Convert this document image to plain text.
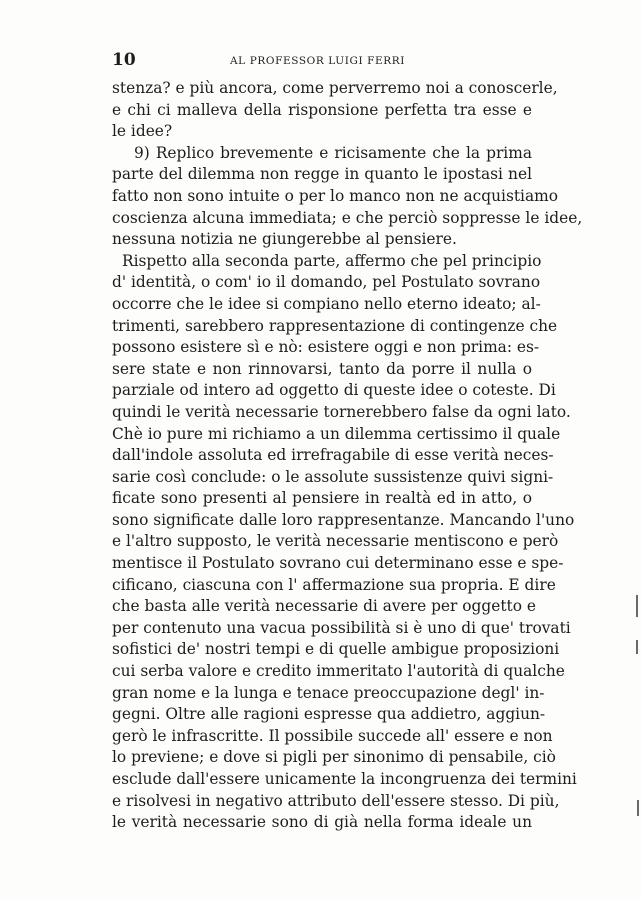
10	AL PROFESSOR LUIGI FERRI
stenza? e più ancora, come perverremo noi a conoscerle,
e chi ci malleva della risponsione perfetta tra esse e
le idee?
9) Replico brevemente e ricisamente che la prima
parte del dilemma non regge in quanto le ipostasi nel
fatto non sono intuite o per lo manco non ne acquistiamo
coscienza alcuna immediata; e che perciò soppresse le idee,
nessuna notizia ne giungerebbe al pensiere.
Rispetto alla seconda parte, affermo che pel principio
d' identità, o com' io il domando, pel Postulato sovrano
occorre che le idee si compiano nello eterno ideato; al-
trimenti, sarebbero rappresentazione di contingenze che
possono esistere sì e nò: esistere oggi e non prima: es-
sere state e non rinnovarsi, tanto da porre il nulla o
parziale od intero ad oggetto di queste idee o coteste. Di
quindi le verità necessarie tornerebbero false da ogni lato.
Chè io pure mi richiamo a un dilemma certissimo il quale
dall'indole assoluta ed irrefragabile di esse verità neces-
sarie così conclude: o le assolute sussistenze quivi signi-
ficate sono presenti al pensiere in realtà ed in atto, o
sono significate dalle loro rappresentanze. Mancando l'uno
e l'altro supposto, le verità necessarie mentiscono e però
mentisce il Postulato sovrano cui determinano esse e spe-
cificano, ciascuna con l' affermazione sua propria. E dire
che basta alle verità necessarie di avere per oggetto e
per contenuto una vacua possibilità si è uno di que' trovati
sofistici de' nostri tempi e di quelle ambigue proposizioni
cui serba valore e credito immeritato l'autorità di qualche
gran nome e la lunga e tenace preoccupazione degl' in-
gegni. Oltre alle ragioni espresse qua addietro, aggiun-
gerò le infrascritte. Il possibile succede all' essere e non
lo previene; e dove si pigli per sinonimo di pensabile, ciò
esclude dall'essere unicamente la incongruenza dei termini
e risolvesi in negativo attributo dell'essere stesso. Di più,
le verità necessarie sono di già nella forma ideale un
